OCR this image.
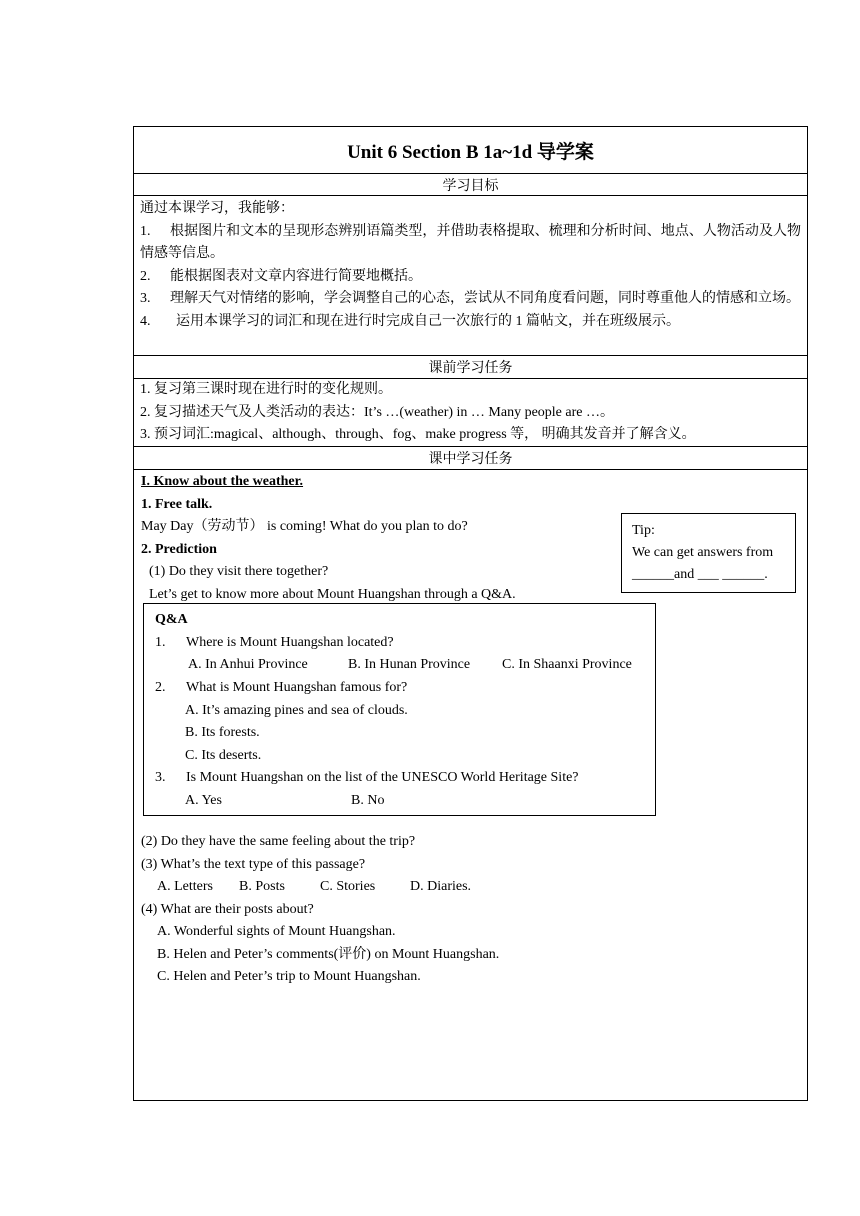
Unit 6 Section B 1a~1d 导学案
学习目标

通过本课学习，我能够：

1. 根据图片和文本的呈现形态辨别语篇类型，并借助表格提取、梳理和分析时间、地点、人物活动及人物情感等信息。

2. 能根据图表对文章内容进行简要地概括。

3. 理解天气对情绪的影响，学会调整自己的心态，尝试从不同角度看问题，同时尊重他人的情感和立场。

4. 运用本课学习的词汇和现在进行时完成自己一次旅行的 1 篇帖文，并在班级展示。

课前学习任务

1. 复习第三课时现在进行时的变化规则。

2. 复习描述天气及人类活动的表达：It’s …(weather) in … Many people are …。

3. 预习词汇:magical、although、through、fog、make progress 等， 明确其发音并了解含义。

课中学习任务
I. Know about the weather.
1. Free talk.
May Day（劳动节） is coming! What do you plan to do?
2. Prediction
(1) Do they visit there together?
Let’s get to know more about Mount Huangshan through a Q&A.
Tip:
We can get answers from
______and ___ ______.
Q&A
1. Where is Mount Huangshan located?
A. In Anhui Province	B. In Hunan Province C. In Shaanxi Province
2. What is Mount Huangshan famous for?
A. It’s amazing pines and sea of clouds.
B. Its forests.
C. Its deserts.
3. Is Mount Huangshan on the list of the UNESCO World Heritage Site?
A. Yes	B. No
(2) Do they have the same feeling about the trip?
(3) What’s the text type of this passage?
A. Letters B. Posts	C. Stories D. Diaries.
(4) What are their posts about?
A. Wonderful sights of Mount Huangshan.
B. Helen and Peter’s comments(评价) on Mount Huangshan.
C. Helen and Peter’s trip to Mount Huangshan.
